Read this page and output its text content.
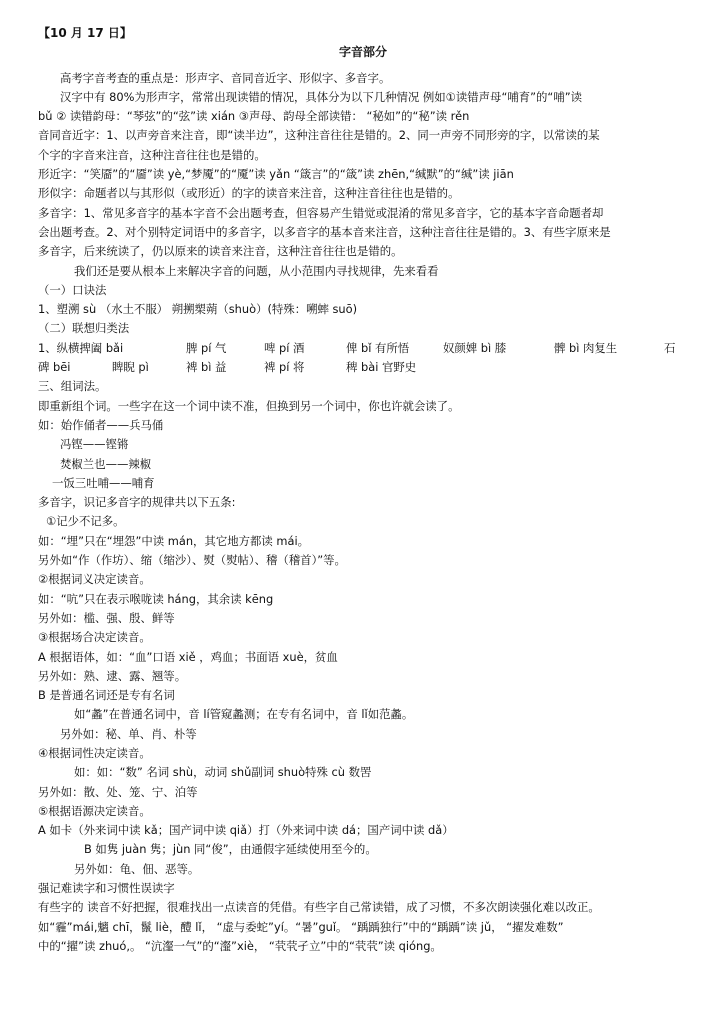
【10 月 17 日】
字音部分
高考字音考查的重点是：形声字、音同音近字、形似字、多音字。
汉字中有 80%为形声字，常常出现读错的情况，具体分为以下几种情况 例如①读错声母“哺育”的“哺”读
bǔ ② 读错韵母：“琴弦”的“弦”读 xián ③声母、韵母全部读错： “秘如”的“秘”读 rěn
音同音近字：1、以声旁音来注音，即“读半边”，这种注音往往是错的。2、同一声旁不同形旁的字，以常读的某
个字的字音来注音，这种注音往往也是错的。
形近字：“笑靥”的“靥”读 yè,“梦魇”的“魇”读 yǎn “箴言”的“箴”读 zhēn,“缄默”的“缄”读 jiān
形似字：命题者以与其形似（或形近）的字的读音来注音，这种注音往往也是错的。
多音字：1、常见多音字的基本字音不会出题考查，但容易产生错觉或混淆的常见多音字，它的基本字音命题者却
会出题考查。2、对个别特定词语中的多音字，以多音字的基本音来注音，这种注音往往是错的。3、有些字原来是
多音字，后来统读了，仍以原来的读音来注音，这种注音往往也是错的。
我们还是要从根本上来解决字音的问题，从小范围内寻找规律，先来看看
（一）口诀法
1、塑溯 sù （水土不服） 朔搠槊蒴（shuò）(特殊：嗍蟀 suō)
（二）联想归类法
1、纵横捭阖 bǎi	脾 pí 气	啤 pí 酒	俾 bǐ 有所悟	奴颜婢 bì 膝	髀 bì 肉复生	石
碑 bēi	睥睨 pì	裨 bì 益	裨 pí 将	稗 bài 官野史
三、组词法。
即重新组个词。一些字在这一个词中读不准，但换到另一个词中，你也许就会读了。
如：始作俑者——兵马俑
冯铿——铿锵
焚椒兰也——辣椒
一饭三吐哺——哺育
多音字，识记多音字的规律共以下五条:
①记少不记多。
如：“埋”只在“埋怨”中读 mán，其它地方都读 mái。
另外如“作（作坊）、缩（缩沙）、熨（熨帖）、稽（稽首）”等。
②根据词义决定读音。
如：“吭”只在表示喉咙读 háng，其余读 kēng
另外如：槛、强、殷、鲜等
③根据场合决定读音。
A 根据语体，如：“血”口语 xiě ，鸡血；书面语 xuè，贫血
另外如：熟、逮、露、翘等。
B 是普通名词还是专有名词
如“蠡”在普通名词中，音 lí管窥蠡测；在专有名词中，音 lǐ如范蠡。
另外如：秘、单、肖、朴等
④根据词性决定读音。
如：如：“数” 名词 shù，动词 shǔ副词 shuò特殊 cù 数罟
另外如：散、处、笼、宁、泊等
⑤根据语源决定读音。
A 如卡（外来词中读 kǎ；国产词中读 qiǎ）打（外来词中读 dá；国产词中读 dǎ）
B 如隽 juàn 隽；jùn 同“俊”，由通假字延续使用至今的。
另外如：龟、佃、恶等。
强记难读字和习惯性误读字
有些字的 读音不好把握，很难找出一点读音的凭借。有些字自己常读错，成了习惯，不多次朗读强化难以改正。
如“霾”mái,魑 chī，鬣 liè，醴 lǐ， “虚与委蛇”yí。“暑”guǐ。 “踽踽独行”中的“踽踽”读 jǔ， “擢发难数”
中的“擢”读 zhuó,。 “沆瀣一气”的“瀣”xiè， “茕茕孑立”中的“茕茕”读 qióng。
